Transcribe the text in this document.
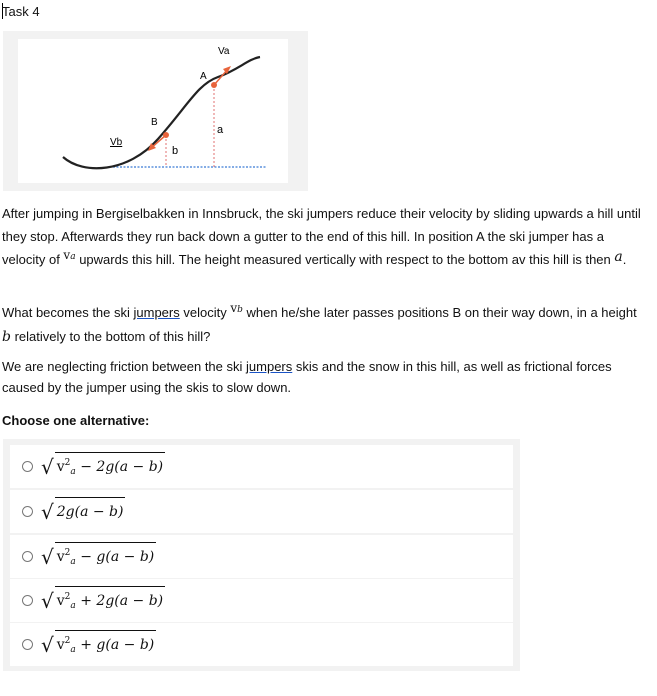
Task 4
Va
A
a
B
b
Vb
After jumping in Bergiselbakken in Innsbruck, the ski jumpers reduce their velocity by sliding upwards a hill until they stop. Afterwards they run back down a gutter to the end of this hill. In position A the ski jumper has a velocity of va upwards this hill. The height measured vertically with respect to the bottom av this hill is then a.
What becomes the ski jumpers velocity vb when he/she later passes positions B on their way down, in a height b relatively to the bottom of this hill?
We are neglecting friction between the ski jumpers skis and the snow in this hill, as well as frictional forces caused by the jumper using the skis to slow down.
Choose one alternative:
√ $v^2_a - 2g(a - b)$
√ 2g(a − b)
√ $v^2_a - g(a - b)$
√ $v^2_a + 2g(a - b)$
√ $v^2_a + g(a - b)$
